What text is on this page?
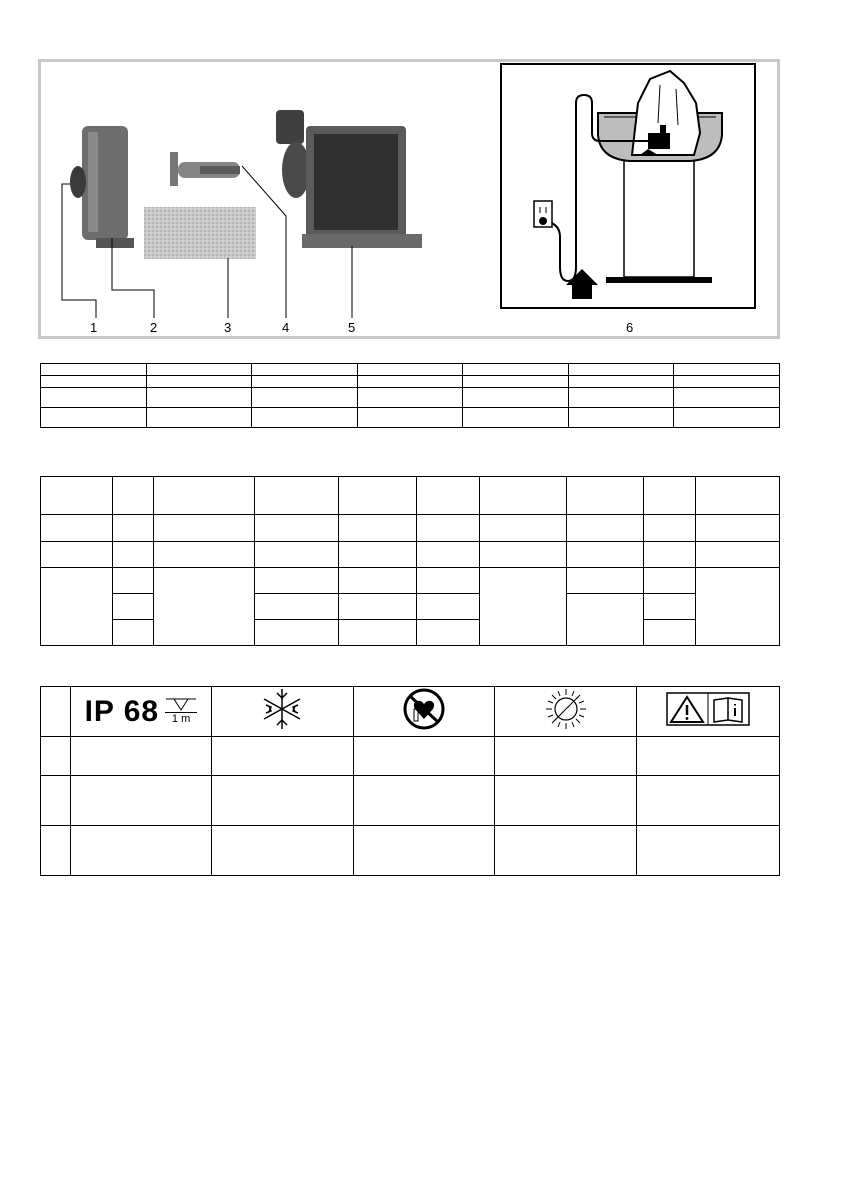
1	2	3	4	5	6

	IP 68 1 m
